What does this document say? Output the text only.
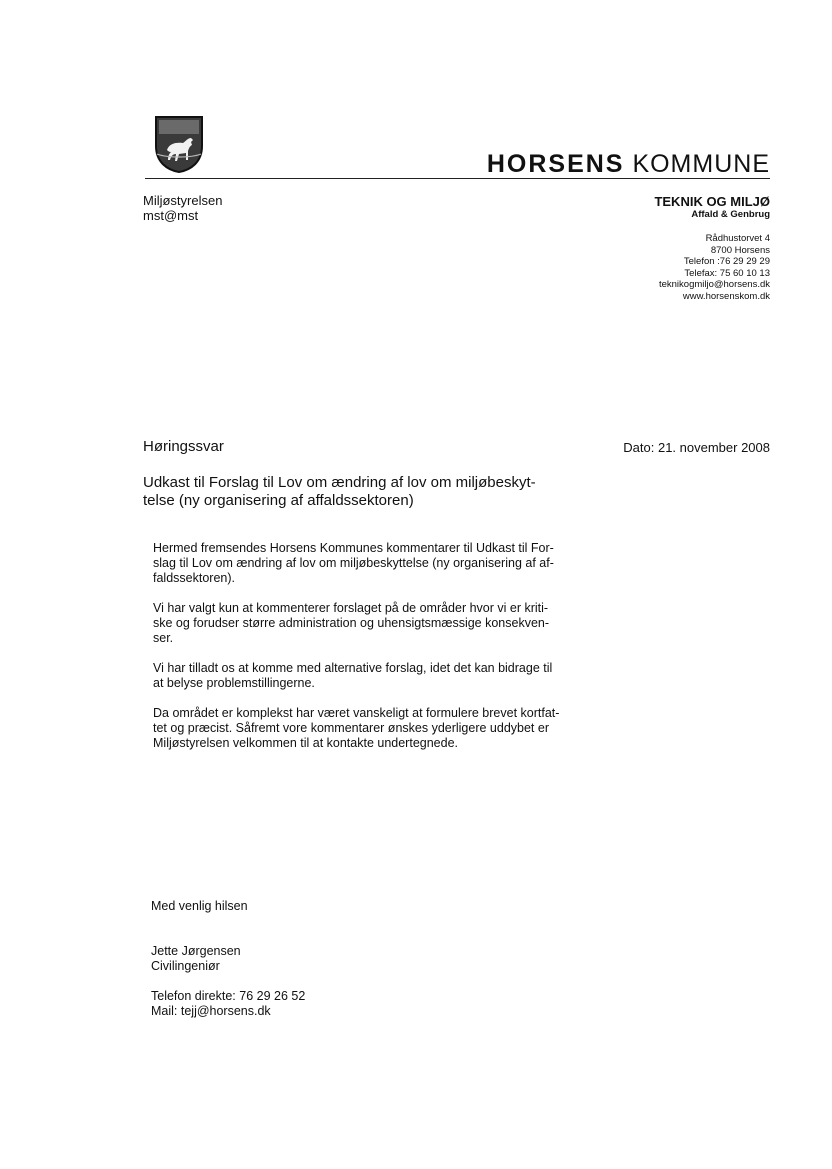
HORSENS KOMMUNE
Miljøstyrelsen
mst@mst
TEKNIK OG MILJØ
Affald & Genbrug
Rådhustorvet 4
8700 Horsens
Telefon :76 29 29 29
Telefax: 75 60 10 13
teknikogmiljo@horsens.dk
www.horsenskom.dk
Høringssvar	Dato: 21. november 2008
Udkast til Forslag til Lov om ændring af lov om miljøbeskyt-
telse (ny organisering af affaldssektoren)

Hermed fremsendes Horsens Kommunes kommentarer til Udkast til For-
slag til Lov om ændring af lov om miljøbeskyttelse (ny organisering af af-
faldssektoren).

Vi har valgt kun at kommenterer forslaget på de områder hvor vi er kriti-
ske og forudser større administration og uhensigtsmæssige konsekven-
ser.

Vi har tilladt os at komme med alternative forslag, idet det kan bidrage til
at belyse problemstillingerne.

Da området er komplekst har været vanskeligt at formulere brevet kortfat-
tet og præcist. Såfremt vore kommentarer ønskes yderligere uddybet er
Miljøstyrelsen velkommen til at kontakte undertegnede.

Med venlig hilsen
Jette Jørgensen
Civilingeniør
Telefon direkte: 76 29 26 52
Mail: tejj@horsens.dk
